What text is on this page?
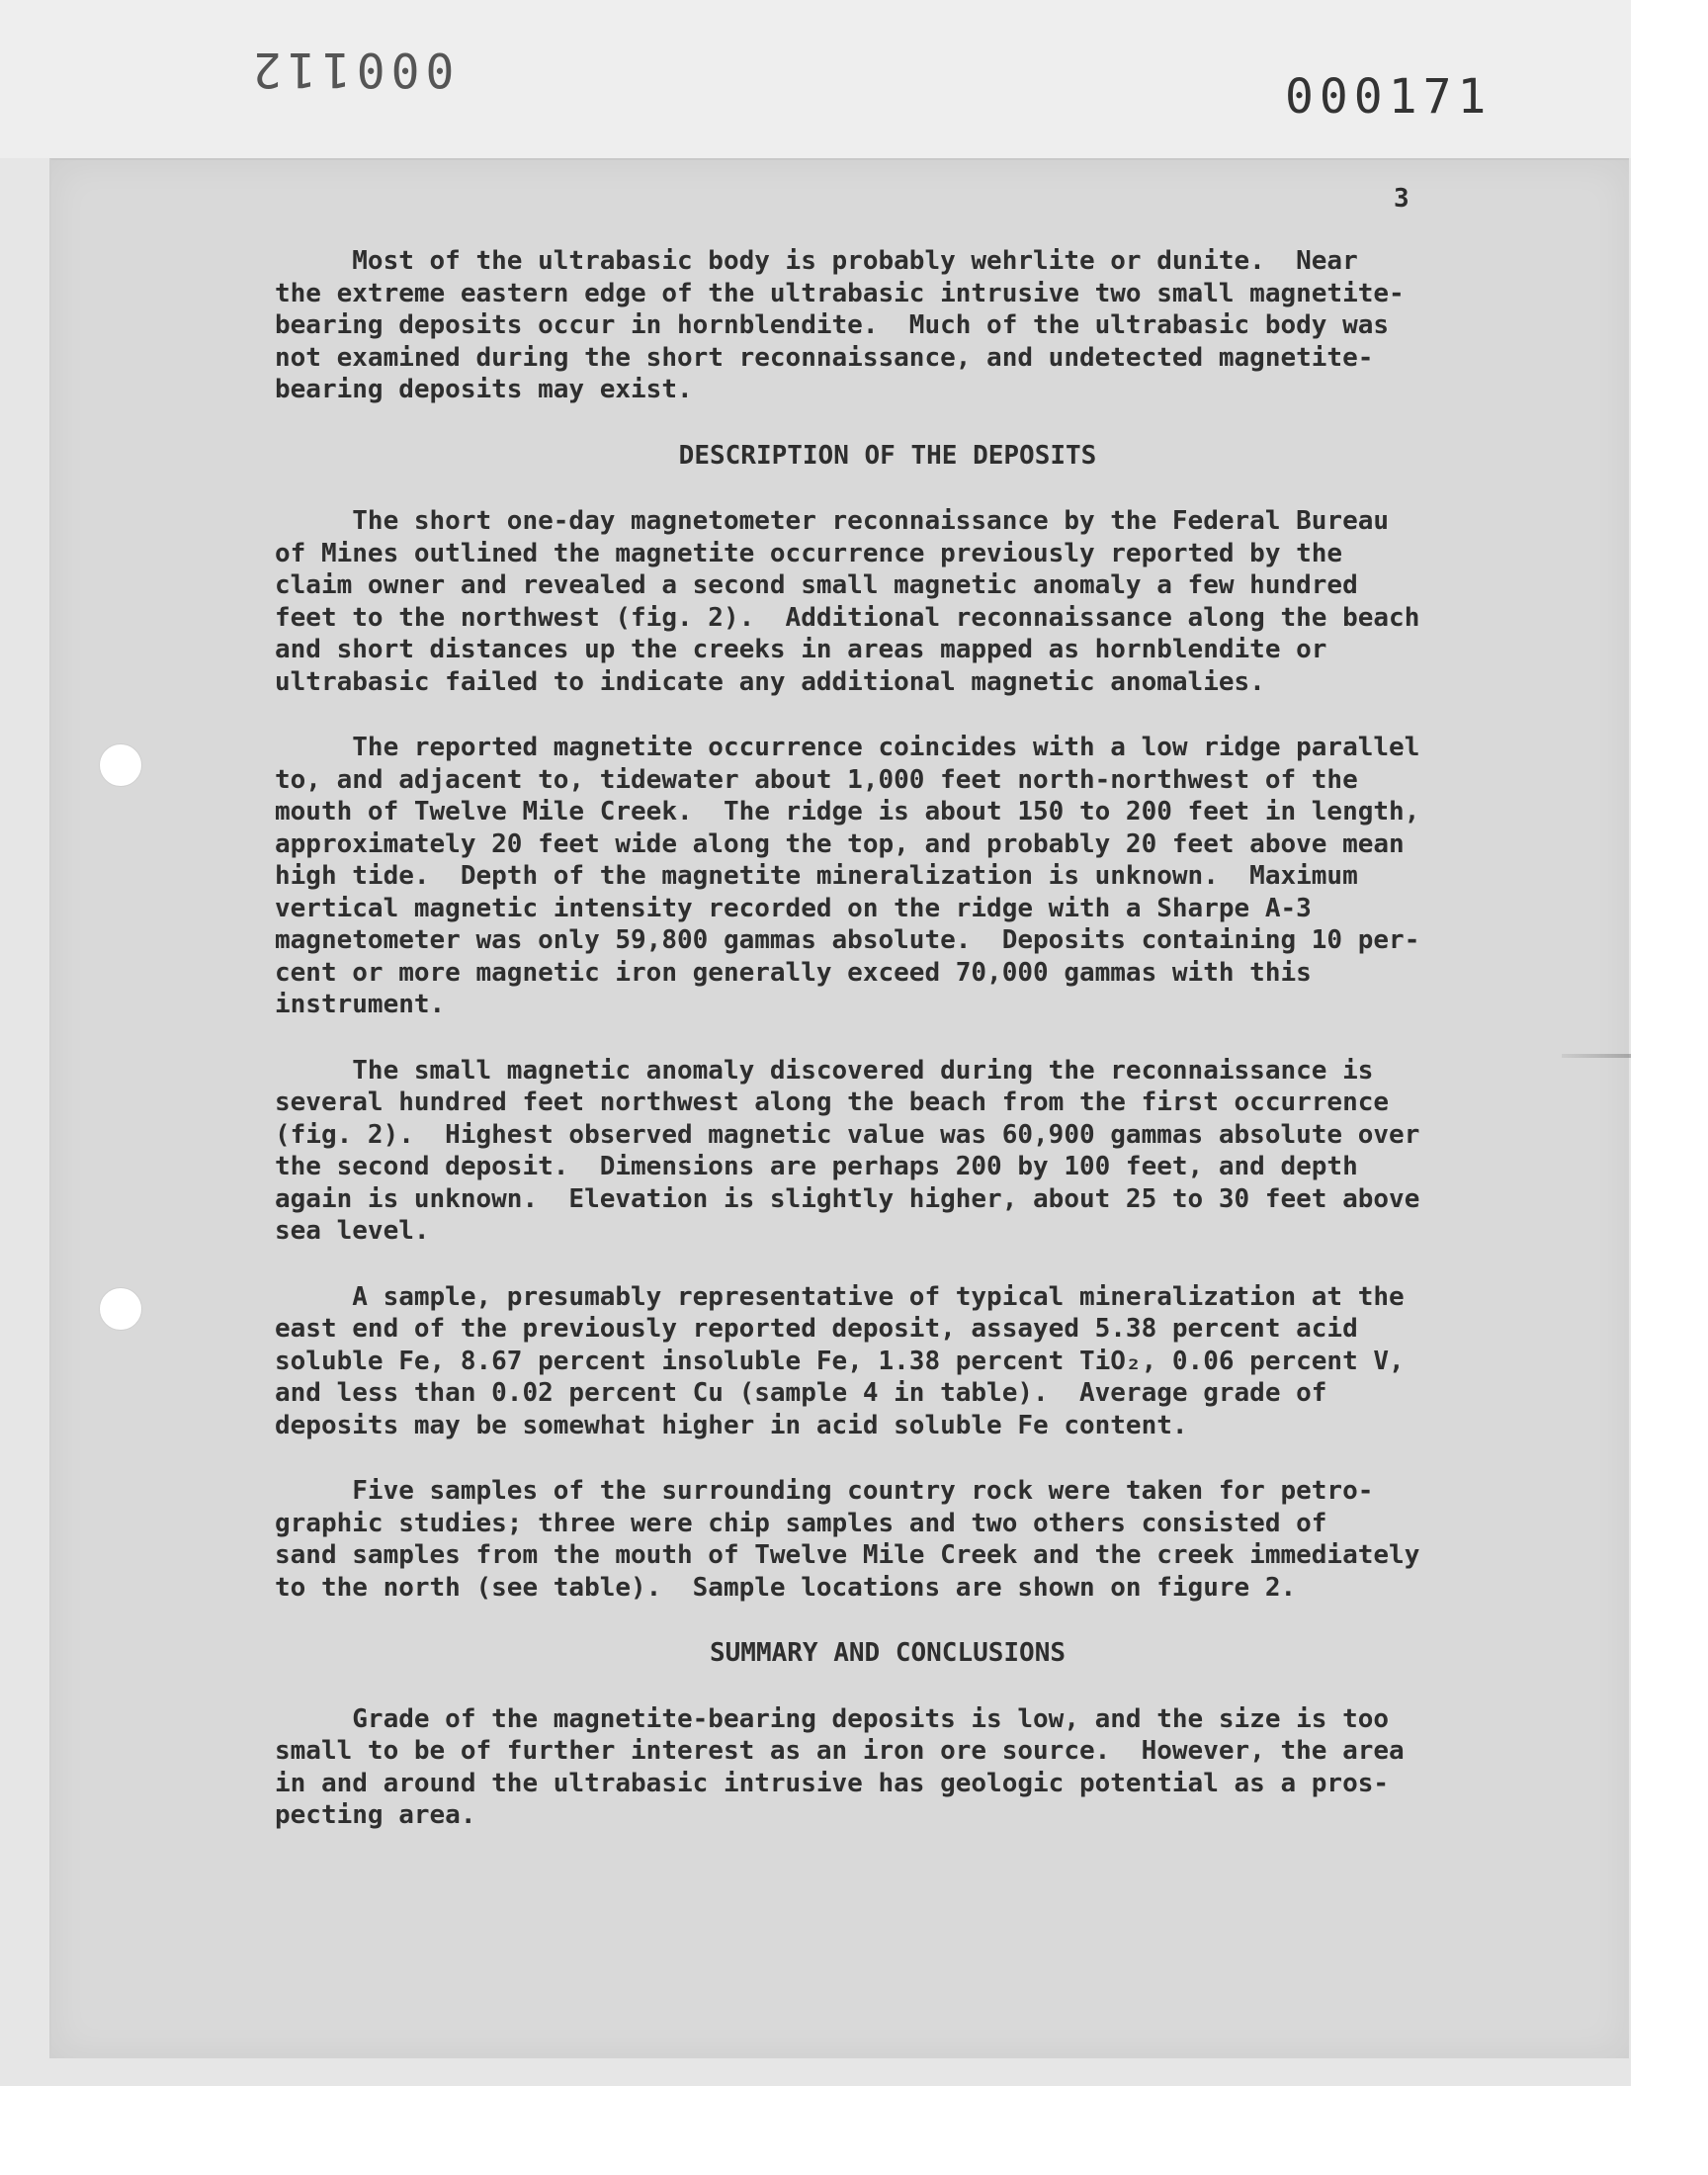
000112	000171
3
Most of the ultrabasic body is probably wehrlite or dunite.  Near
the extreme eastern edge of the ultrabasic intrusive two small magnetite-
bearing deposits occur in hornblendite.  Much of the ultrabasic body was
not examined during the short reconnaissance, and undetected magnetite-
bearing deposits may exist.
DESCRIPTION OF THE DEPOSITS
The short one-day magnetometer reconnaissance by the Federal Bureau
of Mines outlined the magnetite occurrence previously reported by the
claim owner and revealed a second small magnetic anomaly a few hundred
feet to the northwest (fig. 2).  Additional reconnaissance along the beach
and short distances up the creeks in areas mapped as hornblendite or
ultrabasic failed to indicate any additional magnetic anomalies.
The reported magnetite occurrence coincides with a low ridge parallel
to, and adjacent to, tidewater about 1,000 feet north-northwest of the
mouth of Twelve Mile Creek.  The ridge is about 150 to 200 feet in length,
approximately 20 feet wide along the top, and probably 20 feet above mean
high tide.  Depth of the magnetite mineralization is unknown.  Maximum
vertical magnetic intensity recorded on the ridge with a Sharpe A-3
magnetometer was only 59,800 gammas absolute.  Deposits containing 10 per-
cent or more magnetic iron generally exceed 70,000 gammas with this
instrument.
The small magnetic anomaly discovered during the reconnaissance is
several hundred feet northwest along the beach from the first occurrence
(fig. 2).  Highest observed magnetic value was 60,900 gammas absolute over
the second deposit.  Dimensions are perhaps 200 by 100 feet, and depth
again is unknown.  Elevation is slightly higher, about 25 to 30 feet above
sea level.
A sample, presumably representative of typical mineralization at the
east end of the previously reported deposit, assayed 5.38 percent acid
soluble Fe, 8.67 percent insoluble Fe, 1.38 percent TiO₂, 0.06 percent V,
and less than 0.02 percent Cu (sample 4 in table).  Average grade of
deposits may be somewhat higher in acid soluble Fe content.
Five samples of the surrounding country rock were taken for petro-
graphic studies; three were chip samples and two others consisted of
sand samples from the mouth of Twelve Mile Creek and the creek immediately
to the north (see table).  Sample locations are shown on figure 2.
SUMMARY AND CONCLUSIONS
Grade of the magnetite-bearing deposits is low, and the size is too
small to be of further interest as an iron ore source.  However, the area
in and around the ultrabasic intrusive has geologic potential as a pros-
pecting area.
